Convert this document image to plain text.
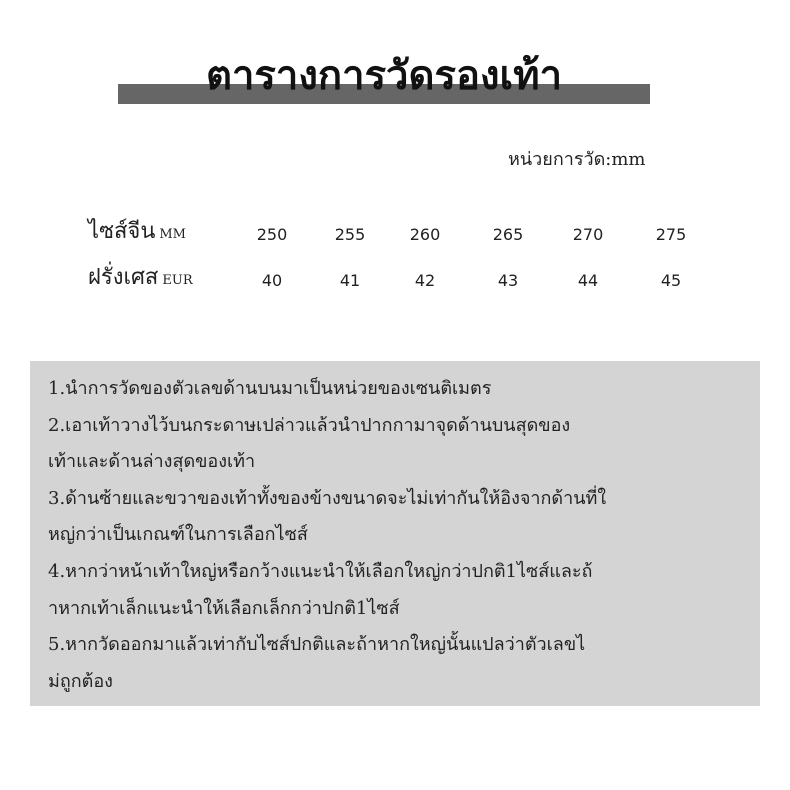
ตารางการวัดรองเท้า
หน่วยการวัด:mm
ไซส์จีน MM	250	255	260	265	270	275
ฝรั่งเศส EUR	40	41	42	43	44	45
1.นำการวัดของตัวเลขด้านบนมาเป็นหน่วยของเซนติเมตร
2.เอาเท้าวางไว้บนกระดาษเปล่าวแล้วนำปากกามาจุดด้านบนสุดของ
เท้าและด้านล่างสุดของเท้า
3.ด้านซ้ายและขวาของเท้าทั้งของข้างขนาดจะไม่เท่ากันให้อิงจากด้านที่ใ
หญ่กว่าเป็นเกณฑ์ในการเลือกไซส์
4.หากว่าหน้าเท้าใหญ่หรือกว้างแนะนำให้เลือกใหญ่กว่าปกติ1ไซส์และถ้
าหากเท้าเล็กแนะนำให้เลือกเล็กกว่าปกติ1ไซส์
5.หากวัดออกมาแล้วเท่ากับไซส์ปกติและถ้าหากใหญ่นั้นแปลว่าตัวเลขไ
ม่ถูกต้อง
